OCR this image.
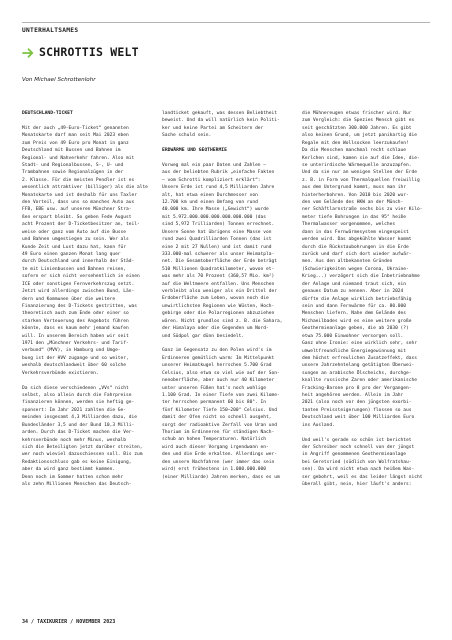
UNTERHALTSAMES
SCHROTTIS WELT
Von Michael Schrottenlohr
DEUTSCHLAND-TICKET

Mit der auch „49-Euro-Ticket“ genannten
Monatskarte darf man seit Mai 2023 eben
zum Preis von 49 Euro pro Monat in ganz
Deutschland mit Bussen und Bahnen im
Regional- und Nahverkehr fahren. Also mit
Stadt- und Regionalbussen, S-, U- und
Trambahnen sowie Regionalzügen in der
2. Klasse. Für die meisten Pendler ist es
wesentlich attraktiver (billiger) als die alte
Monatskarte und ist deshalb für uns Taxler
den Vorteil, dass uns so manches Auto aus
FFB, EBE usw. auf unseren Münchner Stra-
ßen erspart bleibt. So geben Fede August
acht Prozent der D-Ticketbesitzer an, teil-
weise oder ganz vom Auto auf die Busse
und Bahnen umgestiegen zu sein. Wer als
Kunde Zeit und Lust dazu hat, kann für
49 Euro einen ganzen Monat lang quer
durch Deutschland und innerhalb der Städ-
te mit Linienbussen und Bahnen reisen,
sofern er sich nicht versehentlich in einen
ICE oder sonstigen Fernverkehrszug setzt.
Jetzt wird allerdings zwischen Bund, Län-
dern und Kommunen über die weitere
Finanzierung des D-Tickets gestritten, was
theoretisch auch zum Ende oder einer so
starken Verteuerung des Angebots führen
könnte, dass es kaum mehr jemand kaufen
will. In unserem Bereich haben wir seit
1971 den „Münchner Verkehrs- und Tarif-
verbund“ (MVV), in Hamburg und Umge-
bung ist der HVV zugange und so weiter,
weshalb deutschlandweit über 60 solche
Verkehrsverbünde existieren.

Da sich diese verschiedenen „VVs“ nicht
selbst, also allein durch die Fahrpreise
finanzieren können, werden sie heftig ge-
sponsert: Im Jahr 2021 zahlten die Ge-
meinden insgesamt 4,3 Milliarden dazu, die
Bundesländer 3,5 und der Bund 10,3 Milli-
arden. Durch das D-Ticket machen die Ver-
kehrsverbünde noch mehr Minus, weshalb
sich die Beteiligten jetzt darüber streiten,
wer noch wieviel dazuschiessen soll. Bis zum
Redaktionsschluss gab es keine Einigung,
aber da wird ganz bestimmt kommen.
Denn noch im Sommer hatten schon mehr
als zehn Millionen Menschen das Deutsch-

landticket gekauft, was dessen Beliebtheit
beweist. Und da will natürlich kein Politi-
ker und keine Partei am Scheitern der
Sache schuld sein.

ERDWÄRME UND GEOTHERMIE

Vorweg mal ein paar Daten und Zahlen –
aus der beliebten Rubrik „einfache Fakten
– vom Schrotti kompliziert erklärt“:
Unsere Erde ist rund 4,5 Milliarden Jahre
alt, hat etwa einen Durchmesser von
12.700 km und einen Umfang von rund
40.000 km. Ihre Masse („Gewicht“) wurde
mit 5.972.000.000.000.000.000.000 (das
sind 5,972 Trilliarden) Tonnen errechnet.
Unsere Sonne hat übrigens eine Masse von
rund zwei Quadrilliarden Tonnen (das ist
eine 2 mit 27 Nullen) und ist damit rund
333.000-mal schwerer als unser Heimatpla-
net. Die Gesamtoberfläche der Erde beträgt
510 Millionen Quadratkilometer, wovon et-
was mehr als 70 Prozent (360,57 Mio. km²)
auf die Weltmeere entfallen. Uns Menschen
verbleibt also weniger als ein Drittel der
Erdoberfläche zum Leben, wovon noch die
unwirtlichsten Regionen wie Wüsten, Hoch-
gebirge oder die Polarregionen abzuziehen
wären. Nicht grundlos sind z. B. die Sahara,
der Himalaya oder die Gegenden um Nord-
und Südpol gar dünn besiedelt.

Ganz im Gegensatz zu den Polen wird's im
Erdinneren gemütlich warm: Im Mittelpunkt
unserer Heimatkugel herrschen 5.700 Grad
Celsius, also etwa so viel wie auf der Son-
nenoberfläche, aber auch nur 40 Kilometer
unter unseren Füßen hat's noch wohlige
1.100 Grad. In einer Tiefe von zwei Kilome-
ter herrschen permanent 60 bis 80°. In
fünf Kilometer Tiefe 150–200° Celsius. Und
damit der Ofen nicht so schnell ausgeht,
sorgt der radioaktive Zerfall von Uran und
Thorium im Erdinneren für ständigen Nach-
schub an hohen Temperaturen. Natürlich
wird auch dieser Vorgang irgendwann en-
den und die Erde erkalten. Allerdings wer-
den unsere Nachfahren (wer immer das sein
wird) erst frühestens in 1.000.000.000
(einer Milliarde) Jahren merken, dass es um

die Mühnereugen etwas frischer wird. Nur
zum Vergleich: die Spezies Mensch gibt es
seit geschätzten 300.000 Jahren. Es gibt
also keinen Grund, um jetzt panikartig die
Regale mit den Wollsocken leerzukaufen!
Da die Menschen manchmal recht schlaue
Kerlchen sind, kamen sie auf die Idee, die-
se unterirdische Wärmequelle anzuzapfen.
Und da sie nur an wenigen Stellen der Erde
z. B. in Form von Thermalquellen freiwillig
aus dem Untergrund kommt, muss man ihr
hinterherbohren. Von 2018 bis 2020 wur-
den vom Gelände des HKW an der Münch-
ner Schäftlarnstraße sechs bis zu vier Kilo-
meter tiefe Bohrungen in das 95° heiße
Thermalwasser vorgenommen, welches
dann in das Fernwärmesystem eingespeist
werden wird. Das abgekühlte Wasser kommt
durch die Rückstaubohrungen in die Erde
zurück und darf sich dort wieder aufwär-
men. Aus den altbekannten Gründen
(Schwierigkeiten wegen Corona, Ukraine-
Krieg...) verzögert sich die Inbetriebnahme
der Anlage und niemand traut sich, ein
genaues Datum zu nennen. Aber in 2024
dürfte die Anlage wirklich betriebsfähig
sein und dann Fernwärme für ca. 80.000
Menschen liefern. Nahe dem Gelände des
Michaeilbades wird es eine weitere große
Geothermieanlage geben, die ab 2030 (?)
etwa 75.000 Einwohner versorgen soll.
Ganz ohne Ironie: eine wirklich sehr, sehr
umweltfreundliche Energiegewinnung mit
dem höchst erfreulichen Zusatzeffekt, dass
unsere Jahrzehntelang getätigten Überwei-
sungen an arabische Ölscheichs, durchge-
knallte russische Zaren oder amerikanische
Fracking-Barone pro 8 pro der Vergangen-
heit angehören werden. Allein im Jahr
2021 (also noch vor den jüngsten exorbi-
tanten Preissteigerungen) flossen so aus
Deutschland weit über 100 Milliarden Euro
ins Ausland.

Und weil's gerade so schön ist berichtet
der Schreiber noch schnell von der jüngst
in Angriff genommenen Geothermieanlage
bei Geretsried (südlich von Wolfratshau-
sen). Da wird nicht etwa nach heißem Was-
ser gebohrt, weil es das leider längst nicht
überall gibt, nein, hier läuft's anders:

34 / TAXIKURIER / NOVEMBER 2023
